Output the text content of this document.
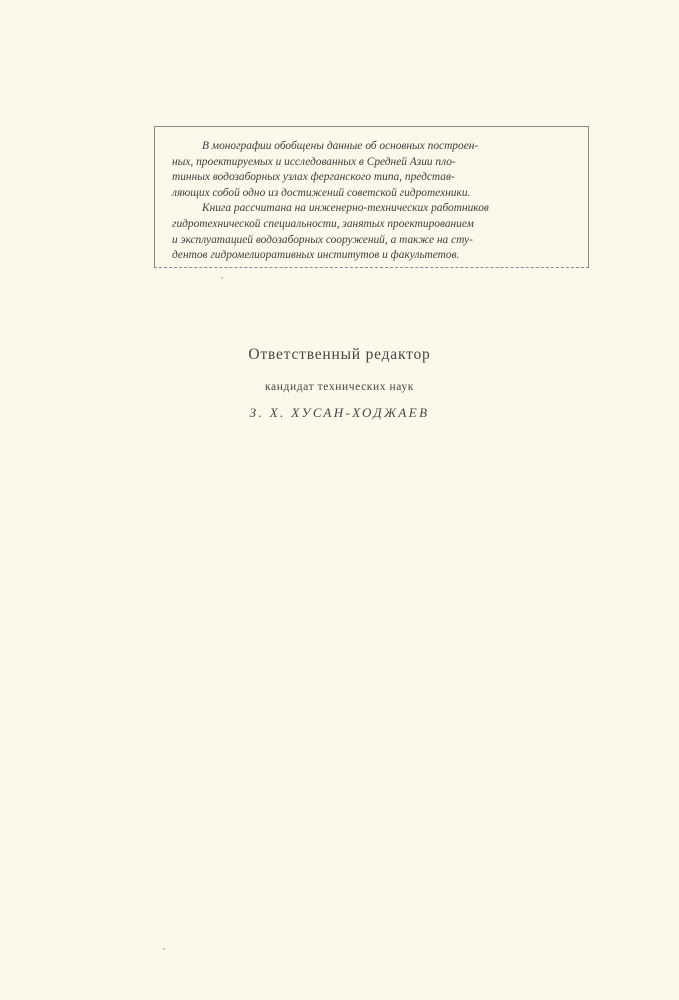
В монографии обобщены данные об основных построен-
ных, проектируемых и исследованных в Средней Азии пло-
тинных водозаборных узлах ферганского типа, представ-
ляющих собой одно из достижений советской гидротехники.
Книга рассчитана на инженерно-технических работников
гидротехнической специальности, занятых проектированием
и эксплуатацией водозаборных сооружений, а также на сту-
дентов гидромелиоративных институтов и факультетов.
Ответственный редактор
кандидат технических наук
З. Х. ХУСАН-ХОДЖАЕВ
